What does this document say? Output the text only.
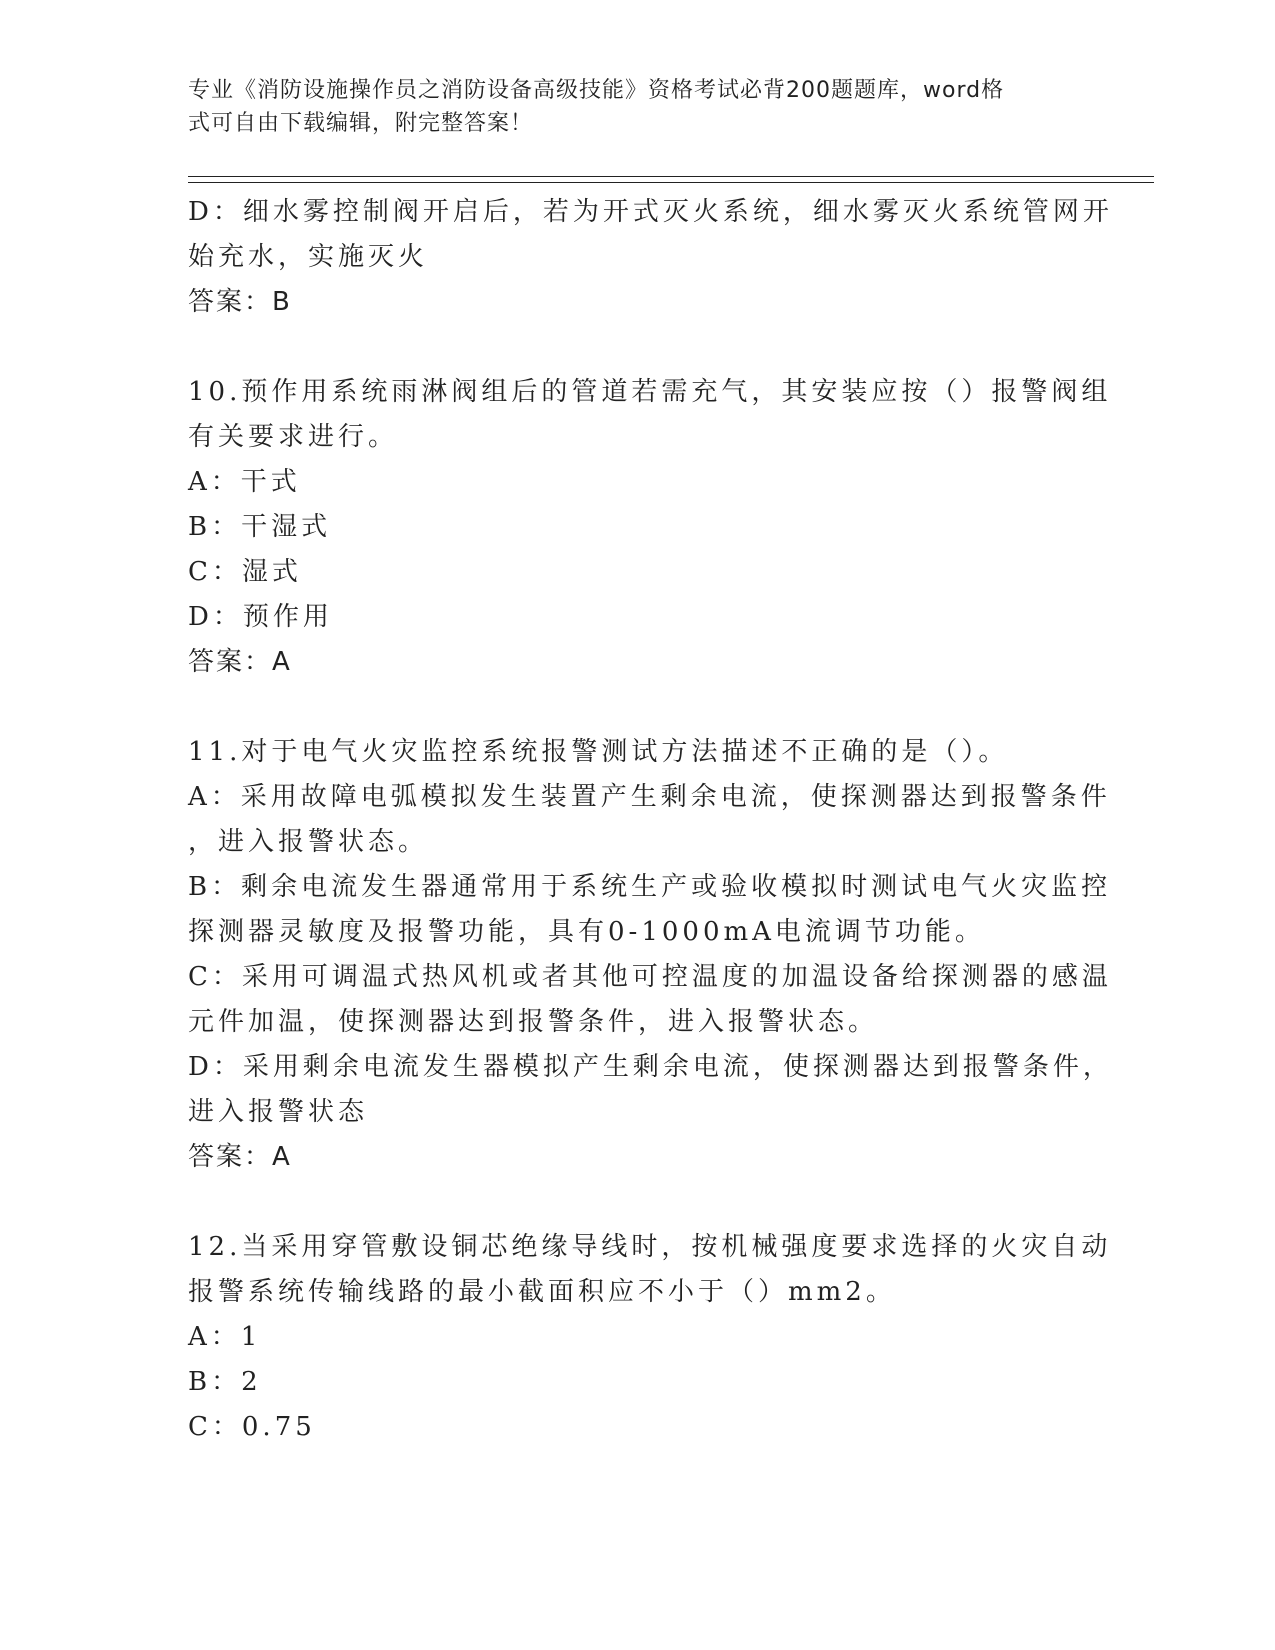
专业《消防设施操作员之消防设备高级技能》资格考试必背200题题库，word格
式可自由下载编辑，附完整答案！
D：细水雾控制阀开启后，若为开式灭火系统，细水雾灭火系统管网开
始充水，实施灭火
答案：B
10.预作用系统雨淋阀组后的管道若需充气，其安装应按（）报警阀组
有关要求进行。
A：干式
B：干湿式
C：湿式
D：预作用
答案：A
11.对于电气火灾监控系统报警测试方法描述不正确的是（）。
A：采用故障电弧模拟发生装置产生剩余电流，使探测器达到报警条件
，进入报警状态。
B：剩余电流发生器通常用于系统生产或验收模拟时测试电气火灾监控
探测器灵敏度及报警功能，具有0-1000mA电流调节功能。
C：采用可调温式热风机或者其他可控温度的加温设备给探测器的感温
元件加温，使探测器达到报警条件，进入报警状态。
D：采用剩余电流发生器模拟产生剩余电流，使探测器达到报警条件，
进入报警状态
答案：A
12.当采用穿管敷设铜芯绝缘导线时，按机械强度要求选择的火灾自动
报警系统传输线路的最小截面积应不小于（）mm2。
A：1
B：2
C：0.75
